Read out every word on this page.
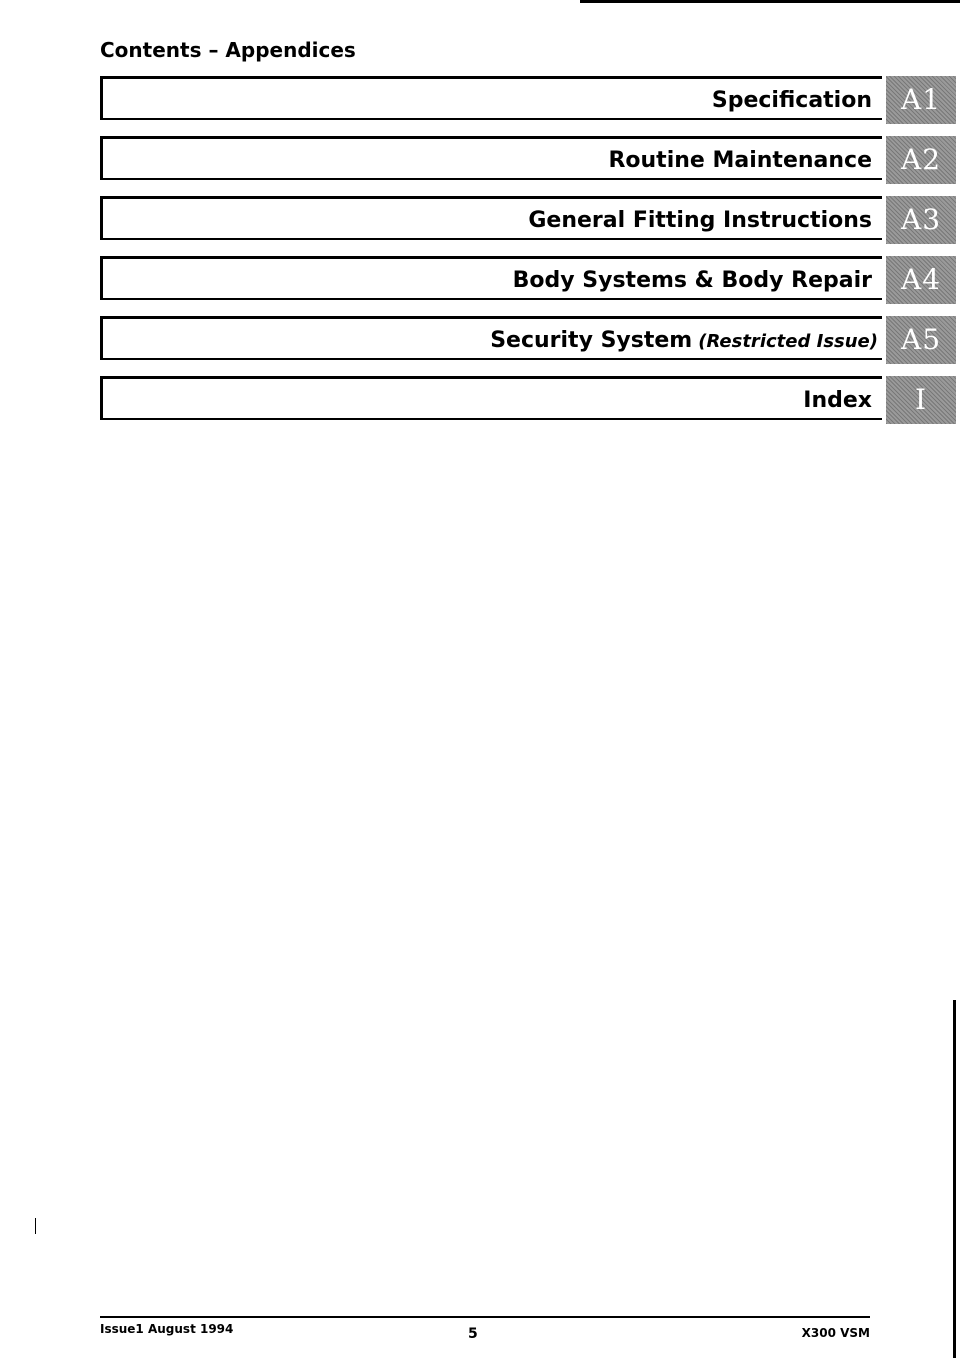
Contents – Appendices
Specification	A1
Routine Maintenance	A2
General Fitting Instructions	A3
Body Systems & Body Repair	A4
Security System (Restricted Issue) A5
Index	I
Issue1 August 1994	5	X300 VSM
